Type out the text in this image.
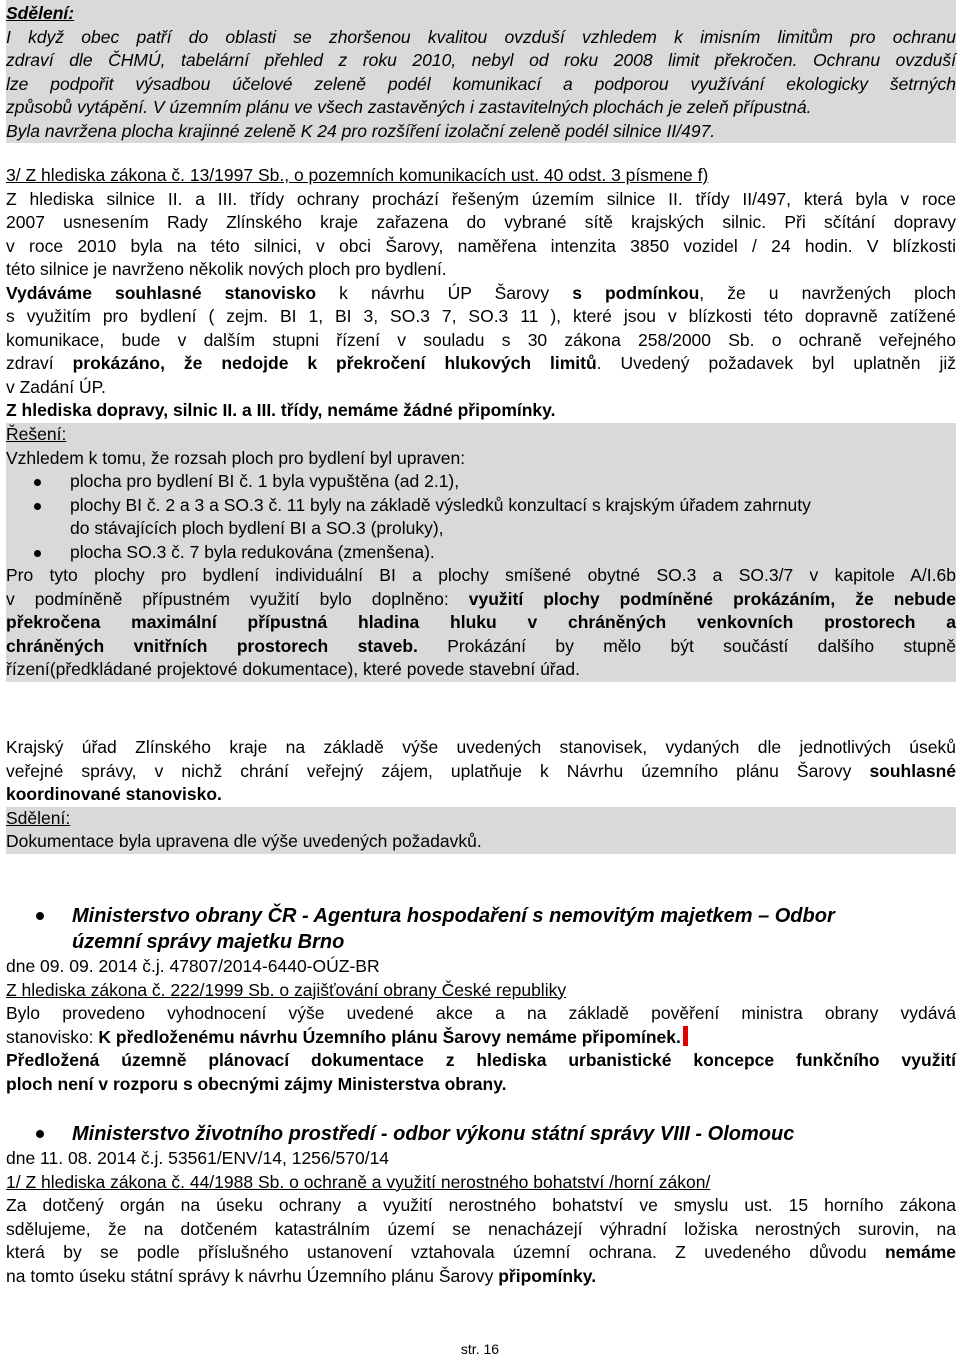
Sdělení:
I když obec patří do oblasti se zhoršenou kvalitou ovzduší vzhledem k imisním limitům pro ochranu
zdraví dle ČHMÚ, tabelární přehled z roku 2010, nebyl od roku 2008 limit překročen. Ochranu ovzduší
lze podpořit výsadbou účelové zeleně podél komunikací a podporou využívání ekologicky šetrných
způsobů vytápění. V územním plánu ve všech zastavěných i zastavitelných plochách je zeleň přípustná.
Byla navržena plocha krajinné zeleně K 24 pro rozšíření izolační zeleně podél silnice II/497.
3/ Z hlediska zákona č. 13/1997 Sb., o pozemních komunikacích ust. 40 odst. 3 písmene f)
Z hlediska silnice II. a III. třídy ochrany prochází řešeným územím silnice II. třídy II/497, která byla v roce
2007 usnesením Rady Zlínského kraje zařazena do vybrané sítě krajských silnic. Při sčítání dopravy
v roce 2010 byla na této silnici, v obci Šarovy, naměřena intenzita 3850 vozidel / 24 hodin. V blízkosti
této silnice je navrženo několik nových ploch pro bydlení.
Vydáváme souhlasné stanovisko k návrhu ÚP Šarovy s podmínkou, že u navržených ploch
s využitím pro bydlení ( zejm. BI 1, BI 3, SO.3 7, SO.3 11 ), které jsou v blízkosti této dopravně zatížené
komunikace, bude v dalším stupni řízení v souladu s 30 zákona 258/2000 Sb. o ochraně veřejného
zdraví prokázáno, že nedojde k překročení hlukových limitů. Uvedený požadavek byl uplatněn již
v Zadání ÚP.
Z hlediska dopravy, silnic II. a III. třídy, nemáme žádné připomínky.
Řešení:
Vzhledem k tomu, že rozsah ploch pro bydlení byl upraven:
plocha pro bydlení BI č. 1 byla vypuštěna (ad 2.1),
plochy BI č. 2 a 3 a SO.3 č. 11 byly na základě výsledků konzultací s krajským úřadem zahrnuty
do stávajících ploch bydlení BI a SO.3 (proluky),
plocha SO.3 č. 7 byla redukována (zmenšena).
Pro tyto plochy pro bydlení individuální BI a plochy smíšené obytné SO.3 a SO.3/7 v kapitole A/I.6b
v podmíněně přípustném využití bylo doplněno: využití plochy podmíněné prokázáním, že nebude
překročena maximální přípustná hladina hluku v chráněných venkovních prostorech a
chráněných vnitřních prostorech staveb. Prokázání by mělo být součástí dalšího stupně
řízení(předkládané projektové dokumentace), které povede stavební úřad.
Krajský úřad Zlínského kraje na základě výše uvedených stanovisek, vydaných dle jednotlivých úseků
veřejné správy, v nichž chrání veřejný zájem, uplatňuje k Návrhu územního plánu Šarovy souhlasné
koordinované stanovisko.
Sdělení:
Dokumentace byla upravena dle výše uvedených požadavků.
Ministerstvo obrany ČR - Agentura hospodaření s nemovitým majetkem – Odbor
územní správy majetku Brno
dne 09. 09. 2014 č.j. 47807/2014-6440-OÚZ-BR
Z hlediska zákona č. 222/1999 Sb. o zajišťování obrany České republiky
Bylo provedeno vyhodnocení výše uvedené akce a na základě pověření ministra obrany vydává
stanovisko: K předloženému návrhu Územního plánu Šarovy nemáme připomínek.
Předložená územně plánovací dokumentace z hlediska urbanistické koncepce funkčního využití
ploch není v rozporu s obecnými zájmy Ministerstva obrany.
Ministerstvo životního prostředí - odbor výkonu státní správy VIII - Olomouc
dne 11. 08. 2014 č.j. 53561/ENV/14, 1256/570/14
1/ Z hlediska zákona č. 44/1988 Sb. o ochraně a využití nerostného bohatství /horní zákon/
Za dotčený orgán na úseku ochrany a využití nerostného bohatství ve smyslu ust. 15 horního zákona
sdělujeme, že na dotčeném katastrálním území se nenacházejí výhradní ložiska nerostných surovin, na
která by se podle příslušného ustanovení vztahovala územní ochrana. Z uvedeného důvodu nemáme
na tomto úseku státní správy k návrhu Územního plánu Šarovy připomínky.
str. 16
